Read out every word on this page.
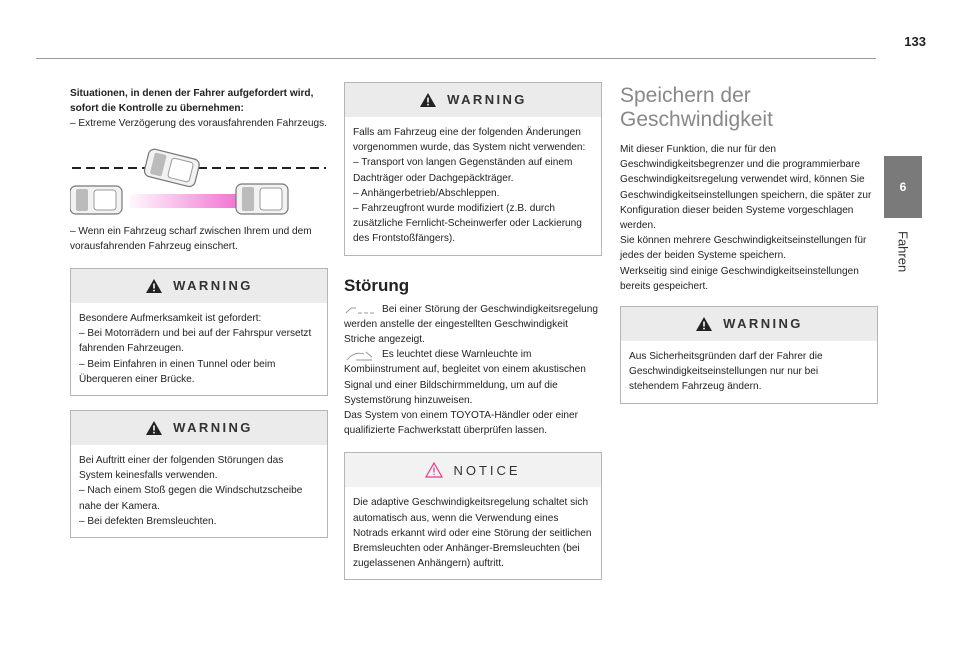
133
6
Fahren

Situationen, in denen der Fahrer aufgefordert wird, sofort die Kontrolle zu übernehmen:

– Extreme Verzögerung des vorausfahrenden Fahrzeugs.

– Wenn ein Fahrzeug scharf zwischen Ihrem und dem vorausfahrenden Fahrzeug einschert.

WARNING

Besondere Aufmerksamkeit ist gefordert:

– Bei Motorrädern und bei auf der Fahrspur versetzt fahrenden Fahrzeugen.

– Beim Einfahren in einen Tunnel oder beim Überqueren einer Brücke.

WARNING

Bei Auftritt einer der folgenden Störungen das System keinesfalls verwenden.

– Nach einem Stoß gegen die Windschutzscheibe nahe der Kamera.

– Bei defekten Bremsleuchten.

WARNING

Falls am Fahrzeug eine der folgenden Änderungen vorgenommen wurde, das System nicht verwenden:

– Transport von langen Gegenständen auf einem Dachträger oder Dachgepäckträger.

– Anhängerbetrieb/Abschleppen.

– Fahrzeugfront wurde modifiziert (z.B. durch zusätzliche Fernlicht-Scheinwerfer oder Lackierung des Frontstoßfängers).

Störung

Bei einer Störung der Geschwindigkeitsregelung werden anstelle der eingestellten Geschwindigkeit Striche angezeigt.

Es leuchtet diese Warnleuchte im Kombiinstrument auf, begleitet von einem akustischen Signal und einer Bildschirmmeldung, um auf die Systemstörung hinzuweisen.

Das System von einem TOYOTA-Händler oder einer qualifizierte Fachwerkstatt überprüfen lassen.

NOTICE

Die adaptive Geschwindigkeitsregelung schaltet sich automatisch aus, wenn die Verwendung eines Notrads erkannt wird oder eine Störung der seitlichen Bremsleuchten oder Anhänger-Bremsleuchten (bei zugelassenen Anhängern) auftritt.

Speichern der Geschwindigkeit

Mit dieser Funktion, die nur für den Geschwindigkeitsbegrenzer und die programmierbare Geschwindigkeitsregelung verwendet wird, können Sie Geschwindigkeitseinstellungen speichern, die später zur Konfiguration dieser beiden Systeme vorgeschlagen werden.

Sie können mehrere Geschwindigkeitseinstellungen für jedes der beiden Systeme speichern.

Werkseitig sind einige Geschwindigkeitseinstellungen bereits gespeichert.

WARNING

Aus Sicherheitsgründen darf der Fahrer die Geschwindigkeitseinstellungen nur nur bei stehendem Fahrzeug ändern.
